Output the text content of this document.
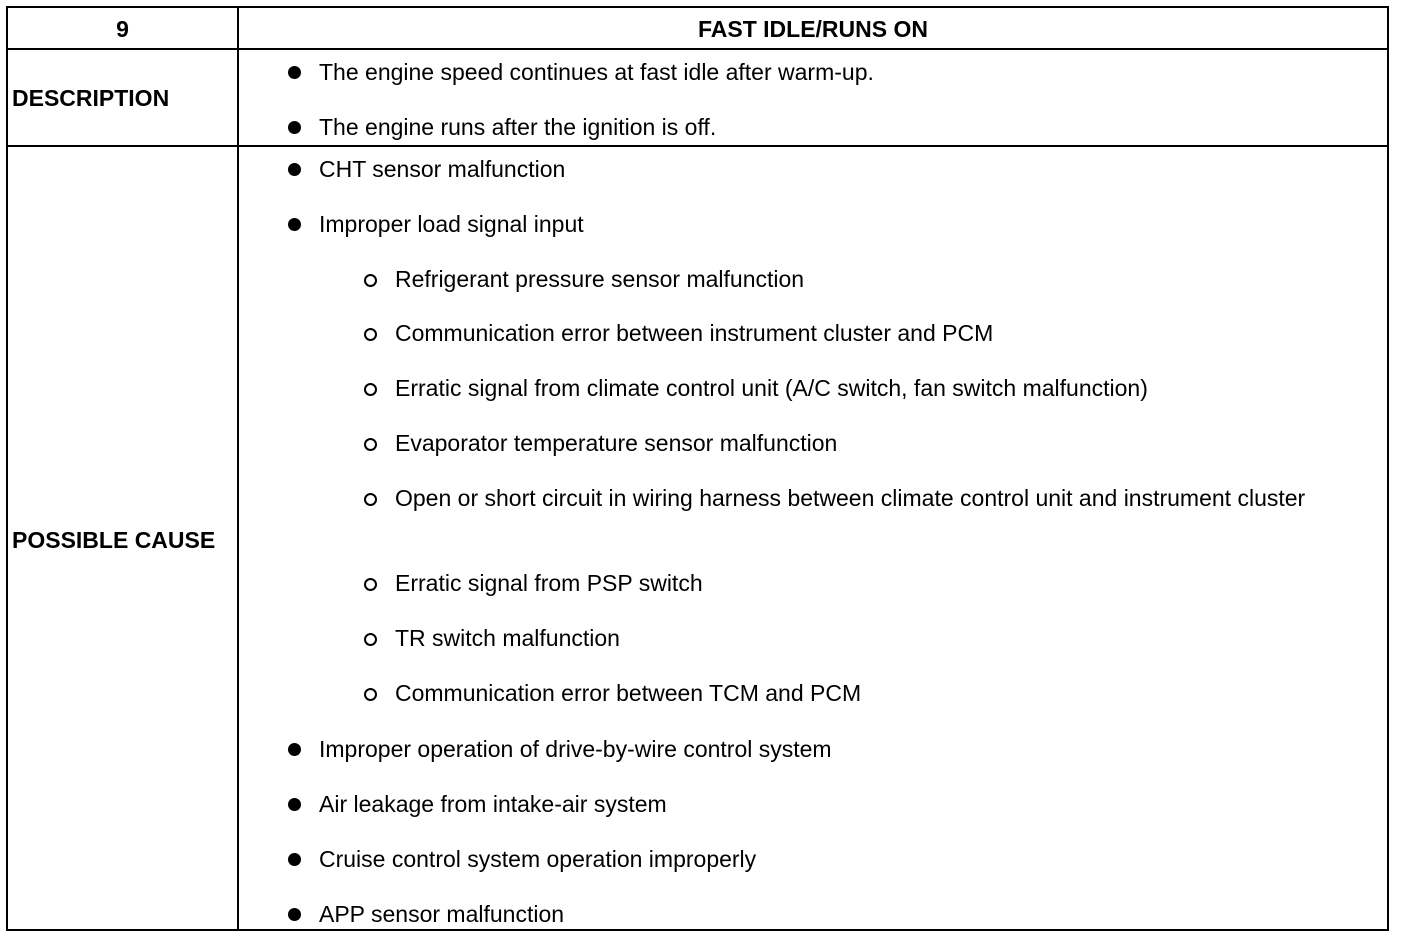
9	FAST IDLE/RUNS ON
DESCRIPTION
The engine speed continues at fast idle after warm-up.
The engine runs after the ignition is off.
POSSIBLE CAUSE
CHT sensor malfunction
Improper load signal input
Refrigerant pressure sensor malfunction
Communication error between instrument cluster and PCM
Erratic signal from climate control unit (A/C switch, fan switch malfunction)
Evaporator temperature sensor malfunction
Open or short circuit in wiring harness between climate control unit and instrument cluster
Erratic signal from PSP switch
TR switch malfunction
Communication error between TCM and PCM
Improper operation of drive-by-wire control system
Air leakage from intake-air system
Cruise control system operation improperly
APP sensor malfunction
